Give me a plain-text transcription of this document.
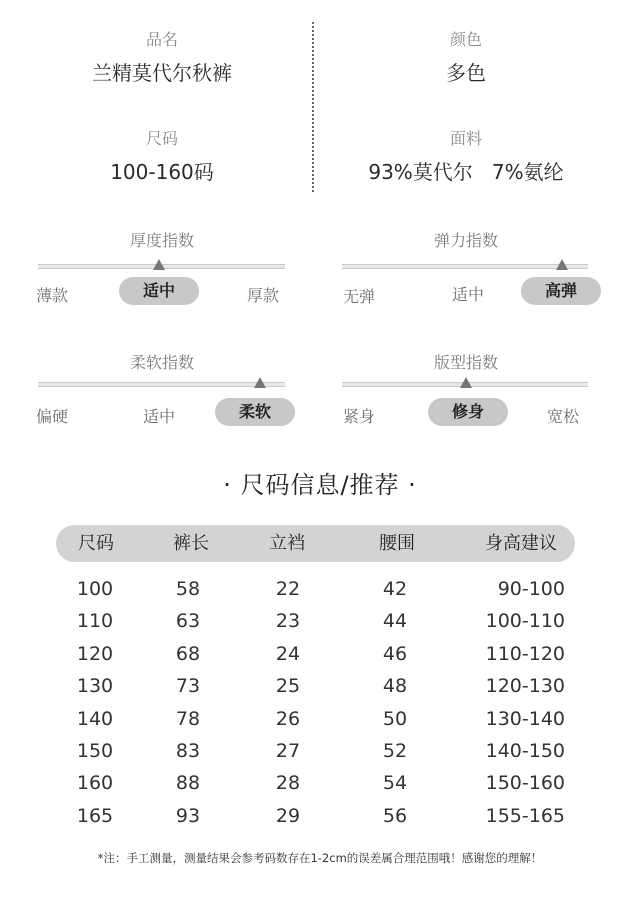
品名
兰精莫代尔秋裤
颜色
多色
尺码
100-160码
面料
93%莫代尔   7%氨纶
厚度指数
薄款	适中	厚款
弹力指数
无弹	适中	高弹
柔软指数
偏硬	适中	柔软
版型指数
紧身	修身	宽松
· 尺码信息/推荐 ·
尺码	裤长	立裆	腰围	身高建议
100	58	22	42	90-100
110	63	23	44	100-110
120	68	24	46	110-120
130	73	25	48	120-130
140	78	26	50	130-140
150	83	27	52	140-150
160	88	28	54	150-160
165	93	29	56	155-165
*注：手工测量，测量结果会参考码数存在1-2cm的误差属合理范围哦！感谢您的理解！
